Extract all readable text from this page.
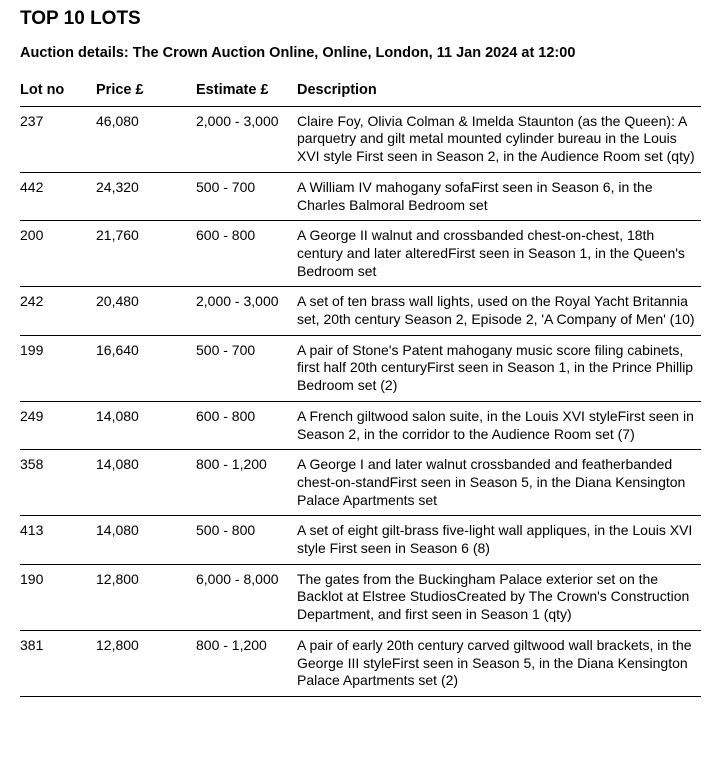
TOP 10 LOTS
Auction details: The Crown Auction Online, Online, London, 11 Jan 2024 at 12:00
Lot no	Price £	Estimate £	Description
237	46,080	2,000 - 3,000	Claire Foy, Olivia Colman & Imelda Staunton (as the Queen): A parquetry and gilt metal mounted cylinder bureau in the Louis XVI style First seen in Season 2, in the Audience Room set (qty)
442	24,320	500 - 700	A William IV mahogany sofaFirst seen in Season 6, in the Charles Balmoral Bedroom set
200	21,760	600 - 800	A George II walnut and crossbanded chest-on-chest, 18th century and later alteredFirst seen in Season 1, in the Queen's Bedroom set
242	20,480	2,000 - 3,000	A set of ten brass wall lights, used on the Royal Yacht Britannia set, 20th century Season 2, Episode 2, 'A Company of Men' (10)
199	16,640	500 - 700	A pair of Stone's Patent mahogany music score filing cabinets, first half 20th centuryFirst seen in Season 1, in the Prince Phillip Bedroom set (2)
249	14,080	600 - 800	A French giltwood salon suite, in the Louis XVI styleFirst seen in Season 2, in the corridor to the Audience Room set (7)
358	14,080	800 - 1,200	A George I and later walnut crossbanded and featherbanded chest-on-standFirst seen in Season 5, in the Diana Kensington Palace Apartments set
413	14,080	500 - 800	A set of eight gilt-brass five-light wall appliques, in the Louis XVI style First seen in Season 6 (8)
190	12,800	6,000 - 8,000	The gates from the Buckingham Palace exterior set on the Backlot at Elstree StudiosCreated by The Crown's Construction Department, and first seen in Season 1 (qty)
381	12,800	800 - 1,200	A pair of early 20th century carved giltwood wall brackets, in the George III styleFirst seen in Season 5, in the Diana Kensington Palace Apartments set (2)
